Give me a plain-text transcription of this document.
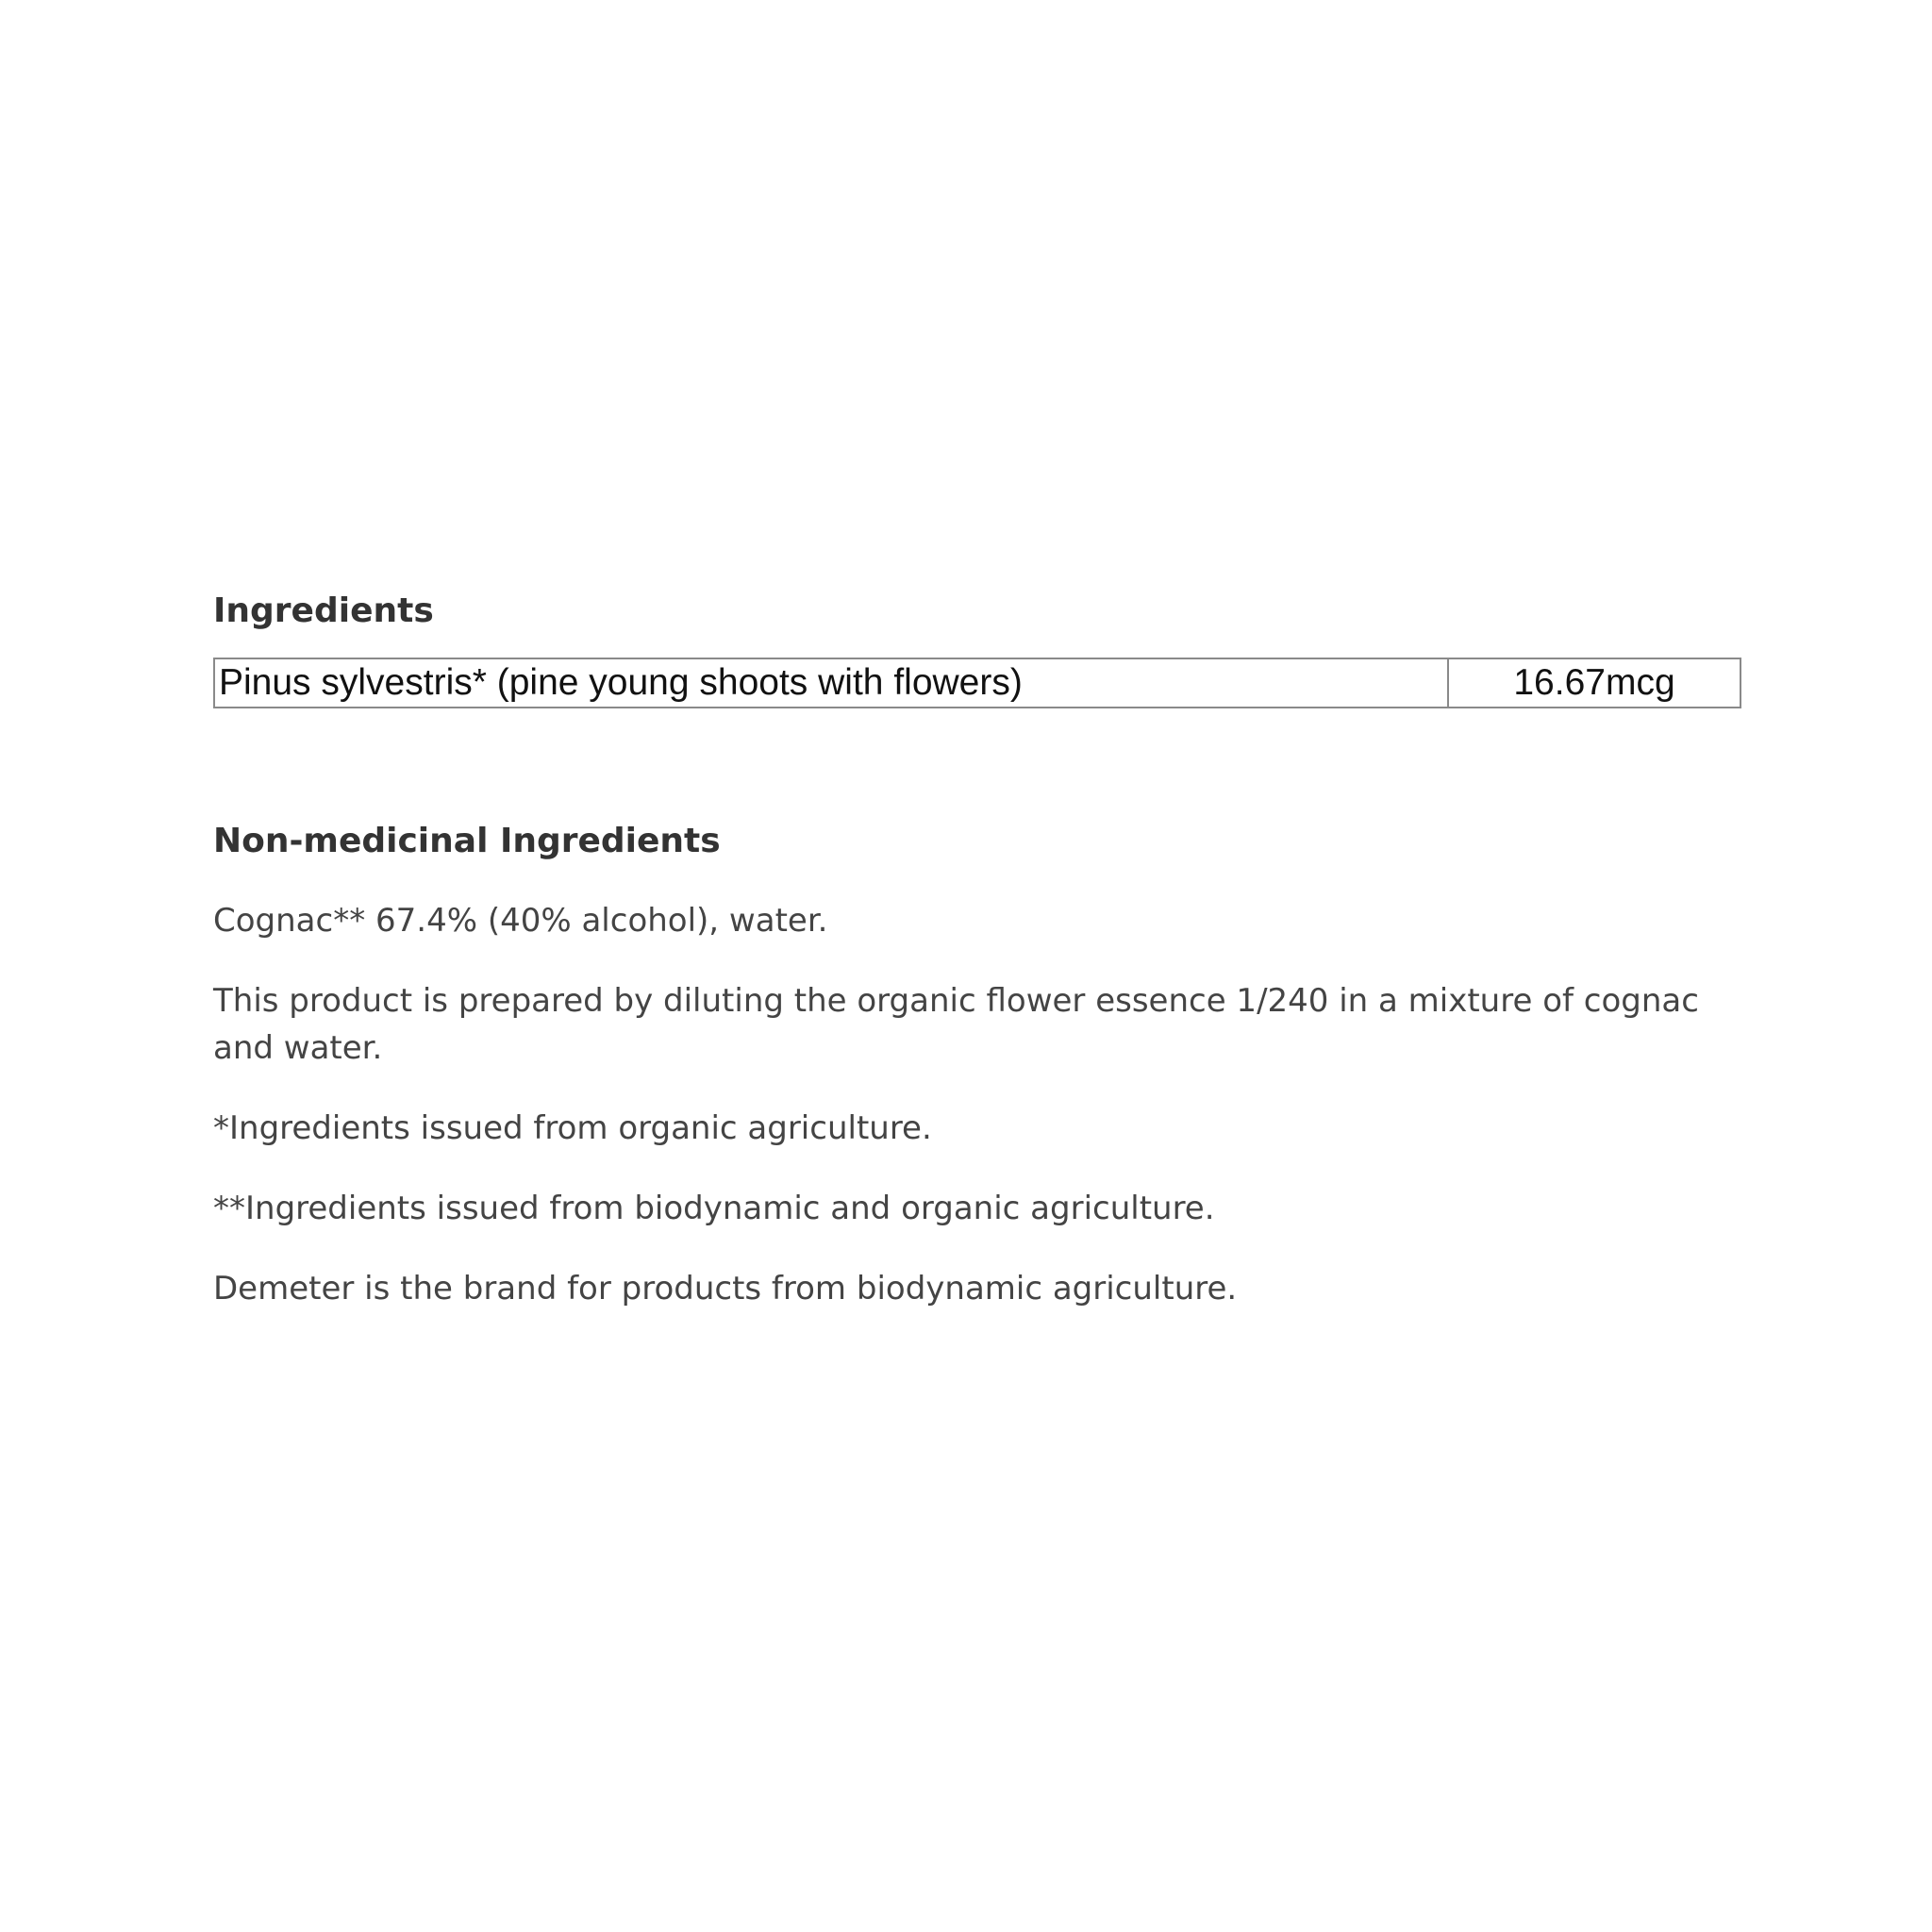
Ingredients
Pinus sylvestris* (pine young shoots with flowers)	16.67mcg
Non-medicinal Ingredients

Cognac** 67.4% (40% alcohol), water.

This product is prepared by diluting the organic flower essence 1/240 in a mixture of cognac and water.

*Ingredients issued from organic agriculture.

**Ingredients issued from biodynamic and organic agriculture.

Demeter is the brand for products from biodynamic agriculture.
